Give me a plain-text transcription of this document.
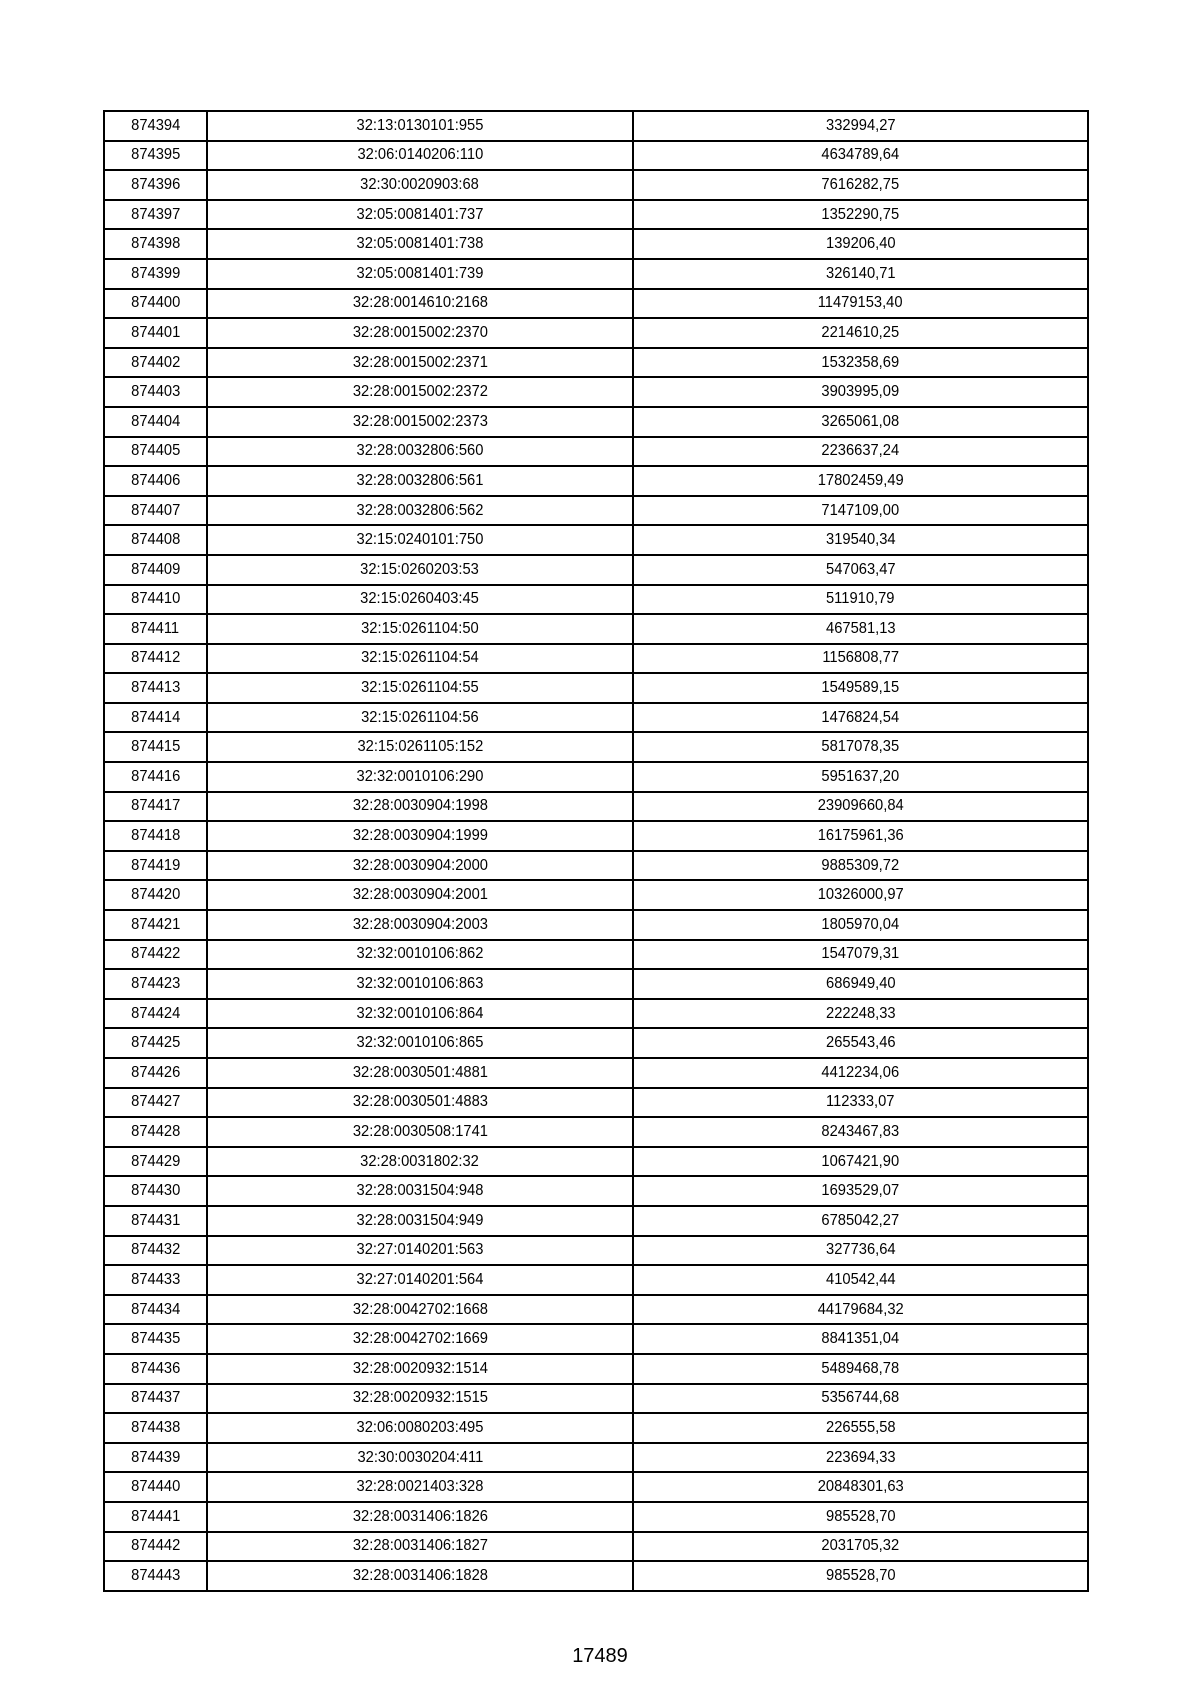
874394	32:13:0130101:955	332994,27
874395	32:06:0140206:110	4634789,64
874396	32:30:0020903:68	7616282,75
874397	32:05:0081401:737	1352290,75
874398	32:05:0081401:738	139206,40
874399	32:05:0081401:739	326140,71
874400	32:28:0014610:2168	11479153,40
874401	32:28:0015002:2370	2214610,25
874402	32:28:0015002:2371	1532358,69
874403	32:28:0015002:2372	3903995,09
874404	32:28:0015002:2373	3265061,08
874405	32:28:0032806:560	2236637,24
874406	32:28:0032806:561	17802459,49
874407	32:28:0032806:562	7147109,00
874408	32:15:0240101:750	319540,34
874409	32:15:0260203:53	547063,47
874410	32:15:0260403:45	511910,79
874411	32:15:0261104:50	467581,13
874412	32:15:0261104:54	1156808,77
874413	32:15:0261104:55	1549589,15
874414	32:15:0261104:56	1476824,54
874415	32:15:0261105:152	5817078,35
874416	32:32:0010106:290	5951637,20
874417	32:28:0030904:1998	23909660,84
874418	32:28:0030904:1999	16175961,36
874419	32:28:0030904:2000	9885309,72
874420	32:28:0030904:2001	10326000,97
874421	32:28:0030904:2003	1805970,04
874422	32:32:0010106:862	1547079,31
874423	32:32:0010106:863	686949,40
874424	32:32:0010106:864	222248,33
874425	32:32:0010106:865	265543,46
874426	32:28:0030501:4881	4412234,06
874427	32:28:0030501:4883	112333,07
874428	32:28:0030508:1741	8243467,83
874429	32:28:0031802:32	1067421,90
874430	32:28:0031504:948	1693529,07
874431	32:28:0031504:949	6785042,27
874432	32:27:0140201:563	327736,64
874433	32:27:0140201:564	410542,44
874434	32:28:0042702:1668	44179684,32
874435	32:28:0042702:1669	8841351,04
874436	32:28:0020932:1514	5489468,78
874437	32:28:0020932:1515	5356744,68
874438	32:06:0080203:495	226555,58
874439	32:30:0030204:411	223694,33
874440	32:28:0021403:328	20848301,63
874441	32:28:0031406:1826	985528,70
874442	32:28:0031406:1827	2031705,32
874443	32:28:0031406:1828	985528,70
17489
